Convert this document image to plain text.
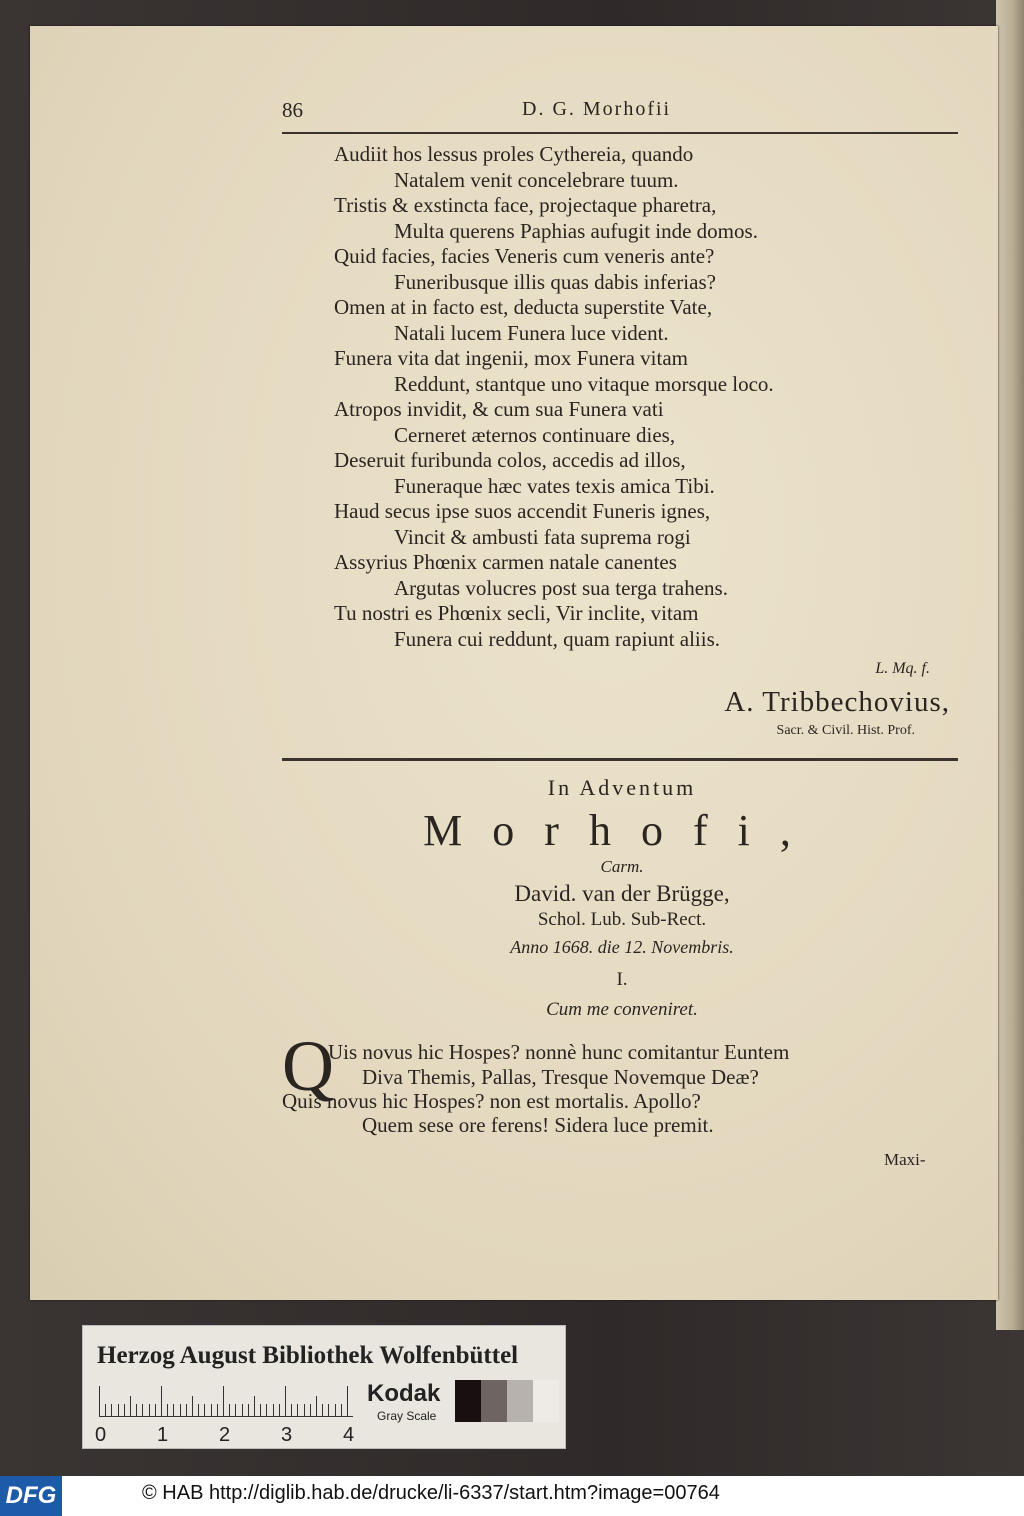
86	D. G. Morhofii
Audiit hos lessus proles Cythereia, quando
Natalem venit concelebrare tuum.
Tristis & exstincta face, projectaque pharetra,
Multa querens Paphias aufugit inde domos.
Quid facies, facies Veneris cum veneris ante?
Funeribusque illis quas dabis inferias?
Omen at in facto est, deducta superstite Vate,
Natali lucem Funera luce vident.
Funera vita dat ingenii, mox Funera vitam
Reddunt, stantque uno vitaque morsque loco.
Atropos invidit, & cum sua Funera vati
Cerneret æternos continuare dies,
Deseruit furibunda colos, accedis ad illos,
Funeraque hæc vates texis amica Tibi.
Haud secus ipse suos accendit Funeris ignes,
Vincit & ambusti fata suprema rogi
Assyrius Phœnix carmen natale canentes
Argutas volucres post sua terga trahens.
Tu nostri es Phœnix secli, Vir inclite, vitam
Funera cui reddunt, quam rapiunt aliis.
L. Mq. f.
A. Tribbechovius,
Sacr. & Civil. Hist. Prof.
In Adventum
Morhofi,
Carm.
David. van der Brügge,
Schol. Lub. Sub-Rect.
Anno 1668. die 12. Novembris.
I.
Cum me conveniret.
Q
Uis novus hic Hospes? nonnè hunc comitantur Euntem
Diva Themis, Pallas, Tresque Novemque Deæ?
Quis novus hic Hospes? non est mortalis. Apollo?
Quem sese ore ferens! Sidera luce premit.
Maxi-
Herzog August Bibliothek Wolfenbüttel
0	1	2	3	4
Kodak
Gray Scale
DFG	© HAB http://diglib.hab.de/drucke/li-6337/start.htm?image=00764
